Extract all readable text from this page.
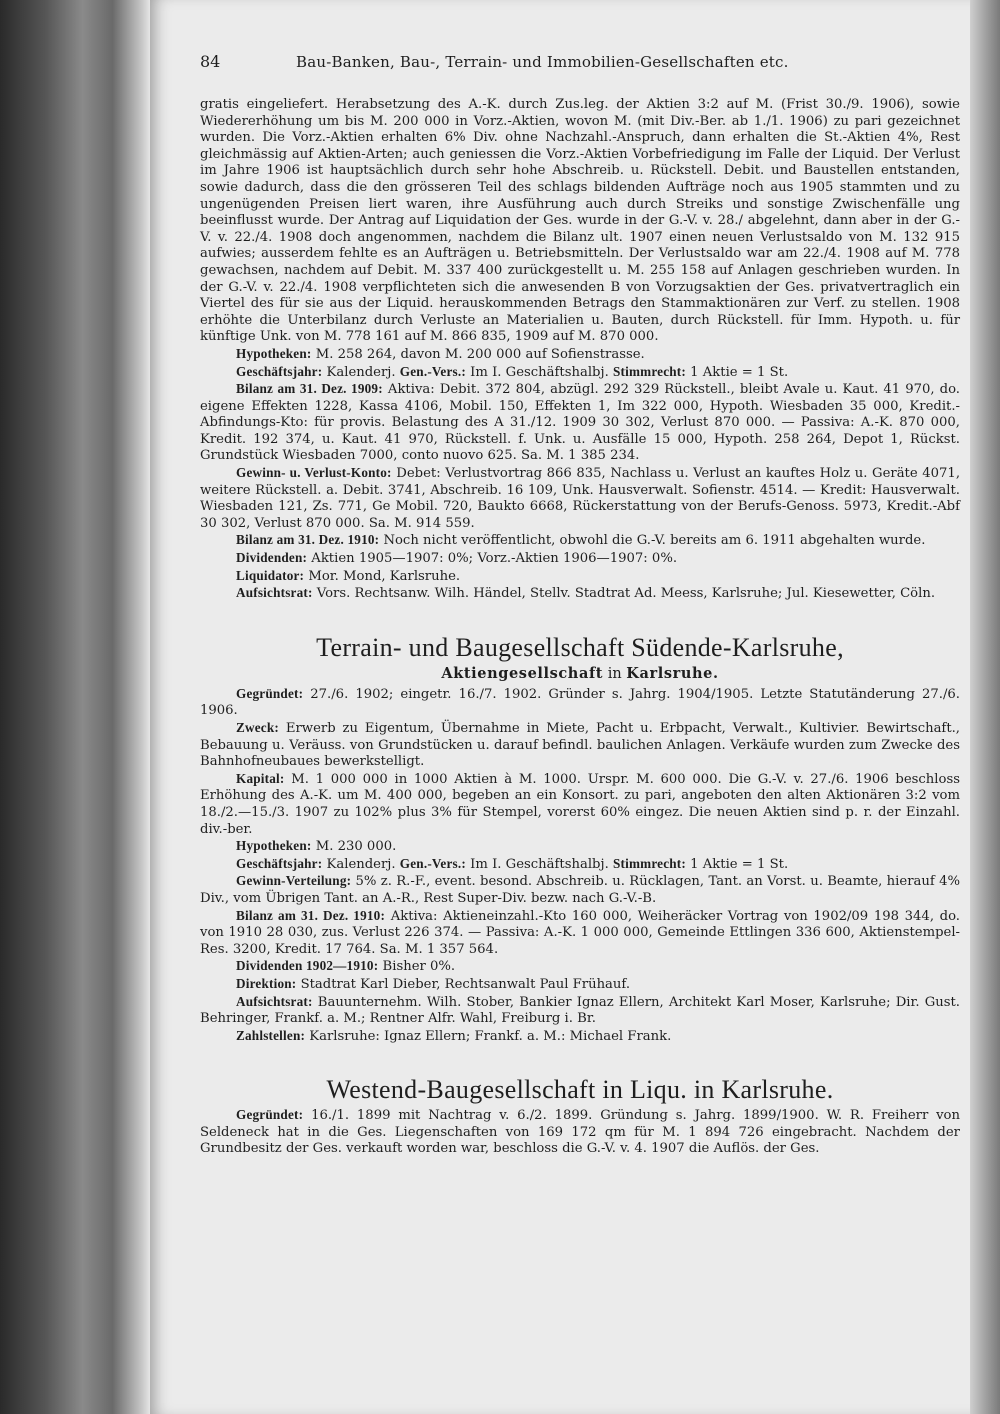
84	Bau-Banken, Bau-, Terrain- und Immobilien-Gesellschaften etc.

gratis eingeliefert. Herabsetzung des A.-K. durch Zus.leg. der Aktien 3:2 auf M. (Frist 30./9. 1906), sowie Wiedererhöhung um bis M. 200 000 in Vorz.-Aktien, wovon M. (mit Div.-Ber. ab 1./1. 1906) zu pari gezeichnet wurden. Die Vorz.-Aktien erhalten 6% Div. ohne Nachzahl.-Anspruch, dann erhalten die St.-Aktien 4%, Rest gleichmässig auf Aktien-Arten; auch geniessen die Vorz.-Aktien Vorbefriedigung im Falle der Liquid. Der Verlust im Jahre 1906 ist hauptsächlich durch sehr hohe Abschreib. u. Rückstell. Debit. und Baustellen entstanden, sowie dadurch, dass die den grösseren Teil des schlags bildenden Aufträge noch aus 1905 stammten und zu ungenügenden Preisen liert waren, ihre Ausführung auch durch Streiks und sonstige Zwischenfälle ung beeinflusst wurde. Der Antrag auf Liquidation der Ges. wurde in der G.-V. v. 28./ abgelehnt, dann aber in der G.-V. v. 22./4. 1908 doch angenommen, nachdem die Bilanz ult. 1907 einen neuen Verlustsaldo von M. 132 915 aufwies; ausserdem fehlte es an Aufträgen u. Betriebsmitteln. Der Verlustsaldo war am 22./4. 1908 auf M. 778 gewachsen, nachdem auf Debit. M. 337 400 zurückgestellt u. M. 255 158 auf Anlagen geschrieben wurden. In der G.-V. v. 22./4. 1908 verpflichteten sich die anwesenden B von Vorzugsaktien der Ges. privatvertraglich ein Viertel des für sie aus der Liquid. herauskommenden Betrags den Stammaktionären zur Verf. zu stellen. 1908 erhöhte die Unterbilanz durch Verluste an Materialien u. Bauten, durch Rückstell. für Imm. Hypoth. u. für künftige Unk. von M. 778 161 auf M. 866 835, 1909 auf M. 870 000.

Hypotheken: M. 258 264, davon M. 200 000 auf Sofienstrasse.

Geschäftsjahr: Kalenderj. Gen.-Vers.: Im I. Geschäftshalbj. Stimmrecht: 1 Aktie = 1 St.

Bilanz am 31. Dez. 1909: Aktiva: Debit. 372 804, abzügl. 292 329 Rückstell., bleibt Avale u. Kaut. 41 970, do. eigene Effekten 1228, Kassa 4106, Mobil. 150, Effekten 1, Im 322 000, Hypoth. Wiesbaden 35 000, Kredit.-Abfindungs-Kto: für provis. Belastung des A 31./12. 1909 30 302, Verlust 870 000. — Passiva: A.-K. 870 000, Kredit. 192 374, u. Kaut. 41 970, Rückstell. f. Unk. u. Ausfälle 15 000, Hypoth. 258 264, Depot 1, Rückst. Grundstück Wiesbaden 7000, conto nuovo 625. Sa. M. 1 385 234.

Gewinn- u. Verlust-Konto: Debet: Verlustvortrag 866 835, Nachlass u. Verlust an kauftes Holz u. Geräte 4071, weitere Rückstell. a. Debit. 3741, Abschreib. 16 109, Unk. Hausverwalt. Sofienstr. 4514. — Kredit: Hausverwalt. Wiesbaden 121, Zs. 771, Ge Mobil. 720, Baukto 6668, Rückerstattung von der Berufs-Genoss. 5973, Kredit.-Abf 30 302, Verlust 870 000. Sa. M. 914 559.

Bilanz am 31. Dez. 1910: Noch nicht veröffentlicht, obwohl die G.-V. bereits am 6. 1911 abgehalten wurde.

Dividenden: Aktien 1905—1907: 0%; Vorz.-Aktien 1906—1907: 0%.

Liquidator: Mor. Mond, Karlsruhe.

Aufsichtsrat: Vors. Rechtsanw. Wilh. Händel, Stellv. Stadtrat Ad. Meess, Karlsruhe; Jul. Kiesewetter, Cöln.

Terrain- und Baugesellschaft Südende-Karlsruhe,
Aktiengesellschaft in Karlsruhe.

Gegründet: 27./6. 1902; eingetr. 16./7. 1902. Gründer s. Jahrg. 1904/1905. Letzte Statutänderung 27./6. 1906.

Zweck: Erwerb zu Eigentum, Übernahme in Miete, Pacht u. Erbpacht, Verwalt., Kultivier. Bewirtschaft., Bebauung u. Veräuss. von Grundstücken u. darauf befindl. baulichen Anlagen. Verkäufe wurden zum Zwecke des Bahnhofneubaues bewerkstelligt.

Kapital: M. 1 000 000 in 1000 Aktien à M. 1000. Urspr. M. 600 000. Die G.-V. v. 27./6. 1906 beschloss Erhöhung des A.-K. um M. 400 000, begeben an ein Konsort. zu pari, angeboten den alten Aktionären 3:2 vom 18./2.—15./3. 1907 zu 102% plus 3% für Stempel, vorerst 60% eingez. Die neuen Aktien sind p. r. der Einzahl. div.-ber.

Hypotheken: M. 230 000.

Geschäftsjahr: Kalenderj. Gen.-Vers.: Im I. Geschäftshalbj. Stimmrecht: 1 Aktie = 1 St.

Gewinn-Verteilung: 5% z. R.-F., event. besond. Abschreib. u. Rücklagen, Tant. an Vorst. u. Beamte, hierauf 4% Div., vom Übrigen Tant. an A.-R., Rest Super-Div. bezw. nach G.-V.-B.

Bilanz am 31. Dez. 1910: Aktiva: Aktieneinzahl.-Kto 160 000, Weiheräcker Vortrag von 1902/09 198 344, do. von 1910 28 030, zus. Verlust 226 374. — Passiva: A.-K. 1 000 000, Gemeinde Ettlingen 336 600, Aktienstempel-Res. 3200, Kredit. 17 764. Sa. M. 1 357 564.

Dividenden 1902—1910: Bisher 0%.

Direktion: Stadtrat Karl Dieber, Rechtsanwalt Paul Frühauf.

Aufsichtsrat: Bauunternehm. Wilh. Stober, Bankier Ignaz Ellern, Architekt Karl Moser, Karlsruhe; Dir. Gust. Behringer, Frankf. a. M.; Rentner Alfr. Wahl, Freiburg i. Br.

Zahlstellen: Karlsruhe: Ignaz Ellern; Frankf. a. M.: Michael Frank.

Westend-Baugesellschaft in Liqu. in Karlsruhe.

Gegründet: 16./1. 1899 mit Nachtrag v. 6./2. 1899. Gründung s. Jahrg. 1899/1900. W. R. Freiherr von Seldeneck hat in die Ges. Liegenschaften von 169 172 qm für M. 1 894 726 eingebracht. Nachdem der Grundbesitz der Ges. verkauft worden war, beschloss die G.-V. v. 4. 1907 die Auflös. der Ges.
